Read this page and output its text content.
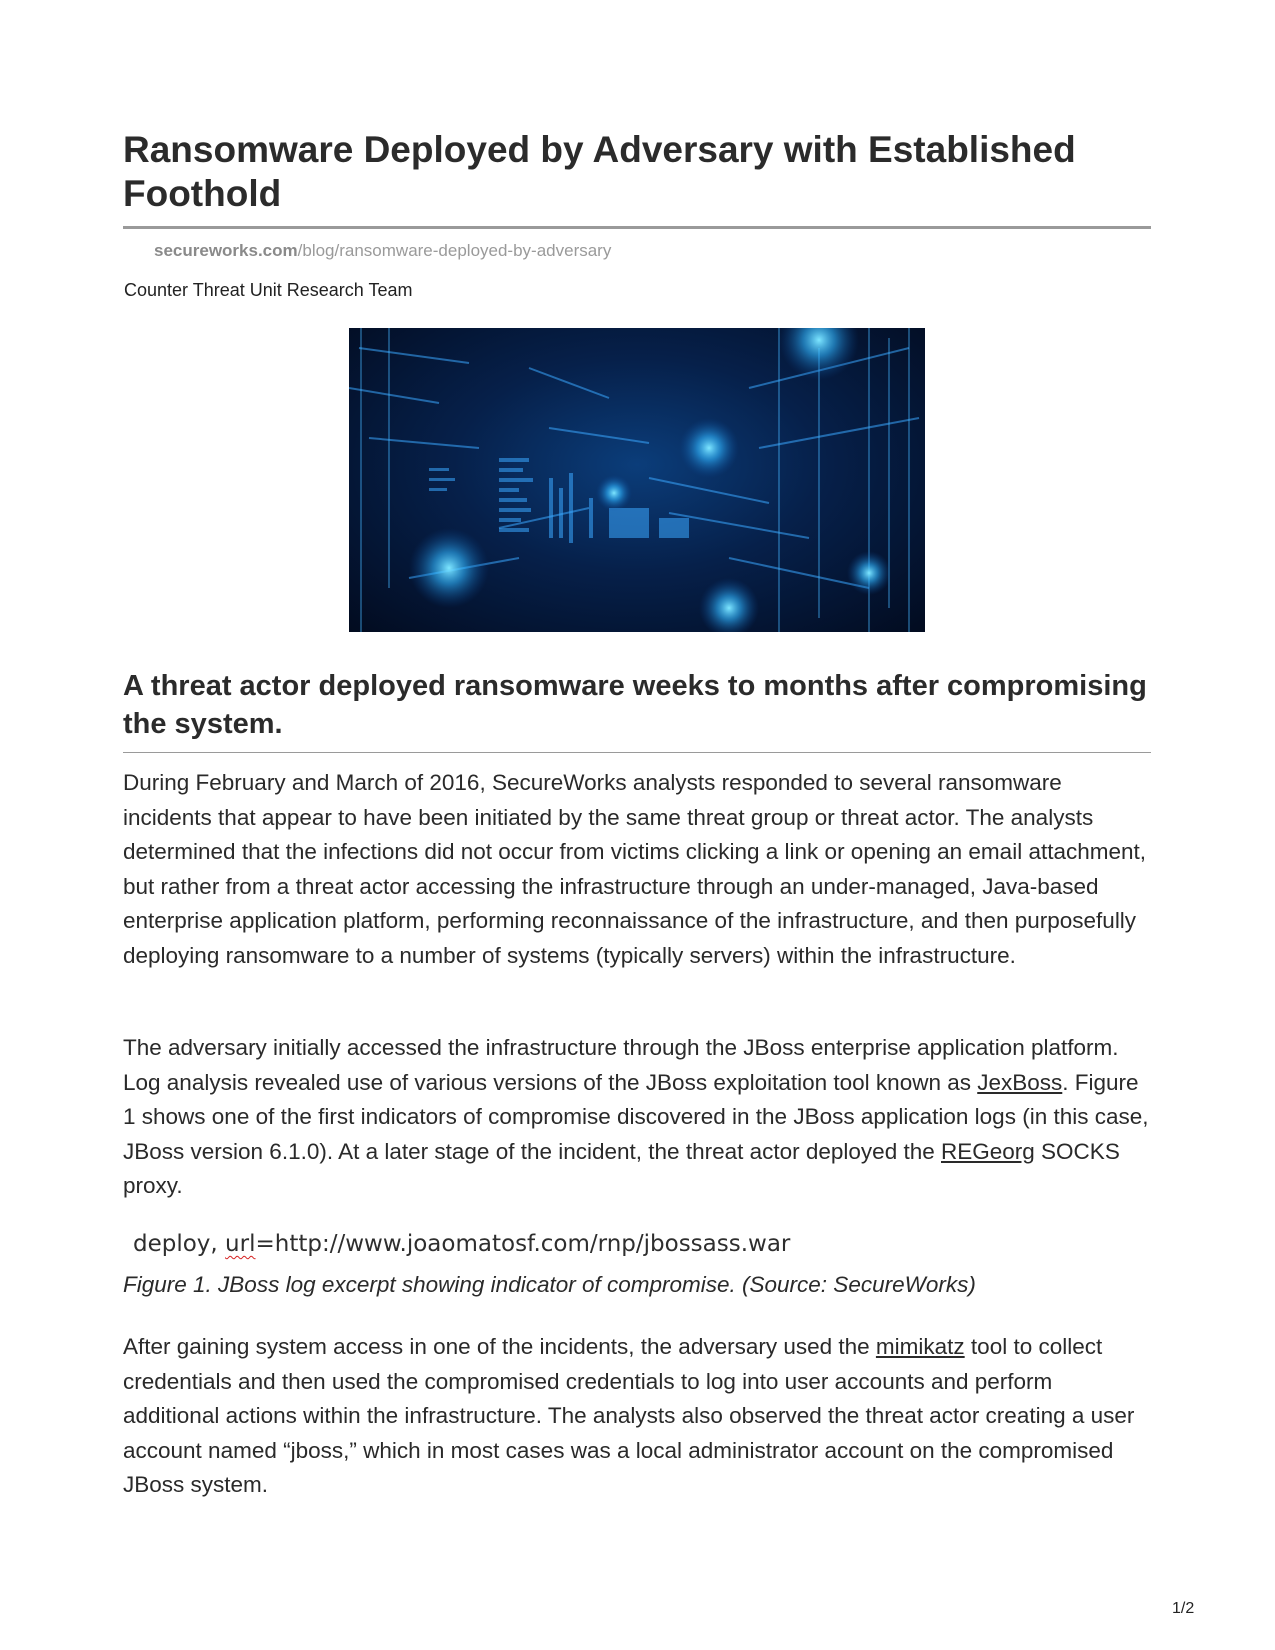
Ransomware Deployed by Adversary with Established Foothold
secureworks.com/blog/ransomware-deployed-by-adversary
Counter Threat Unit Research Team
A threat actor deployed ransomware weeks to months after compromising the system.

During February and March of 2016, SecureWorks analysts responded to several ransomware incidents that appear to have been initiated by the same threat group or threat actor. The analysts determined that the infections did not occur from victims clicking a link or opening an email attachment, but rather from a threat actor accessing the infrastructure through an under-managed, Java-based enterprise application platform, performing reconnaissance of the infrastructure, and then purposefully deploying ransomware to a number of systems (typically servers) within the infrastructure.

The adversary initially accessed the infrastructure through the JBoss enterprise application platform. Log analysis revealed use of various versions of the JBoss exploitation tool known as JexBoss. Figure 1 shows one of the first indicators of compromise discovered in the JBoss application logs (in this case, JBoss version 6.1.0). At a later stage of the incident, the threat actor deployed the REGeorg SOCKS proxy.

deploy, url=http://www.joaomatosf.com/rnp/jbossass.war
Figure 1. JBoss log excerpt showing indicator of compromise. (Source: SecureWorks)

After gaining system access in one of the incidents, the adversary used the mimikatz tool to collect credentials and then used the compromised credentials to log into user accounts and perform additional actions within the infrastructure. The analysts also observed the threat actor creating a user account named “jboss,” which in most cases was a local administrator account on the compromised JBoss system.

1/2
